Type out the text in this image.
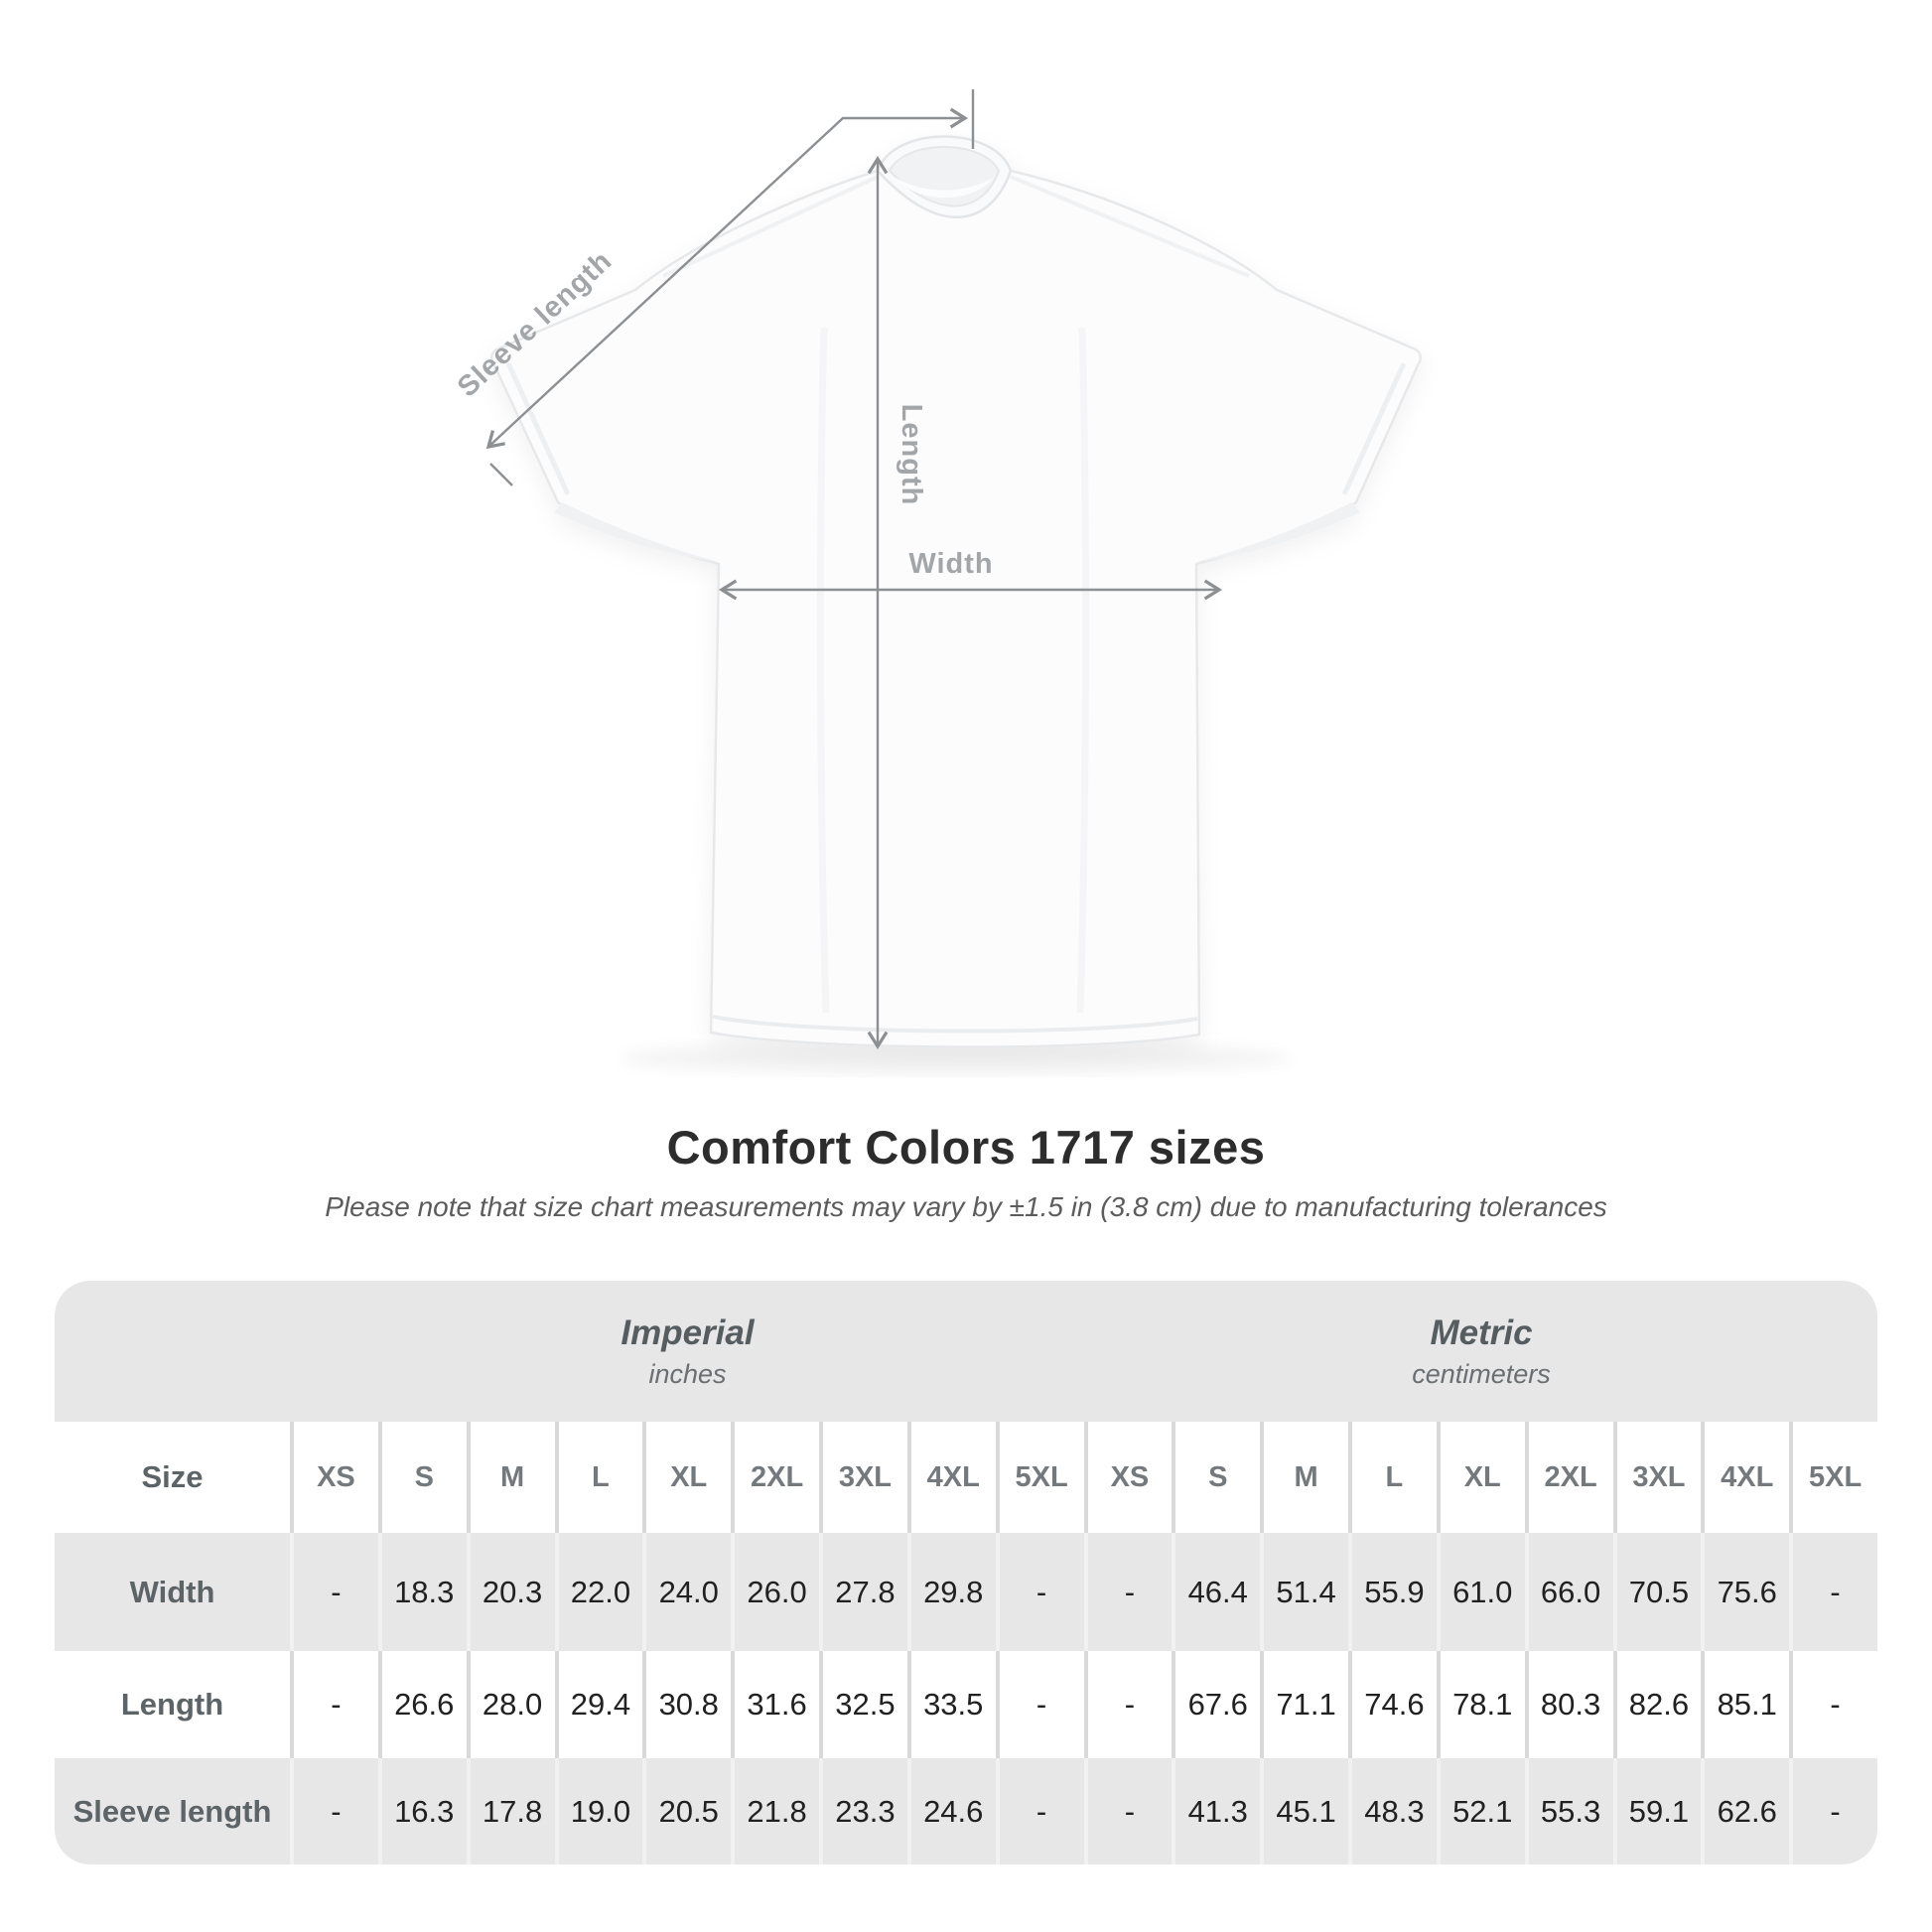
Sleeve length
Length
Width
Comfort Colors 1717 sizes
Please note that size chart measurements may vary by ±1.5 in (3.8 cm) due to manufacturing tolerances
Imperial
inches
Metric
centimeters
Size	XS	S	M	L	XL	2XL	3XL	4XL	5XL	XS	S	M	L	XL	2XL	3XL	4XL	5XL
Width	-	18.3 20.3 22.0 24.0 26.0 27.8 29.8	-	-	46.4 51.4 55.9 61.0 66.0 70.5 75.6	-
Length	-	26.6 28.0 29.4 30.8 31.6 32.5 33.5	-	-	67.6 71.1 74.6 78.1 80.3 82.6 85.1	-
Sleeve length	-	16.3 17.8 19.0 20.5 21.8 23.3 24.6	-	-	41.3 45.1 48.3 52.1 55.3 59.1 62.6	-
